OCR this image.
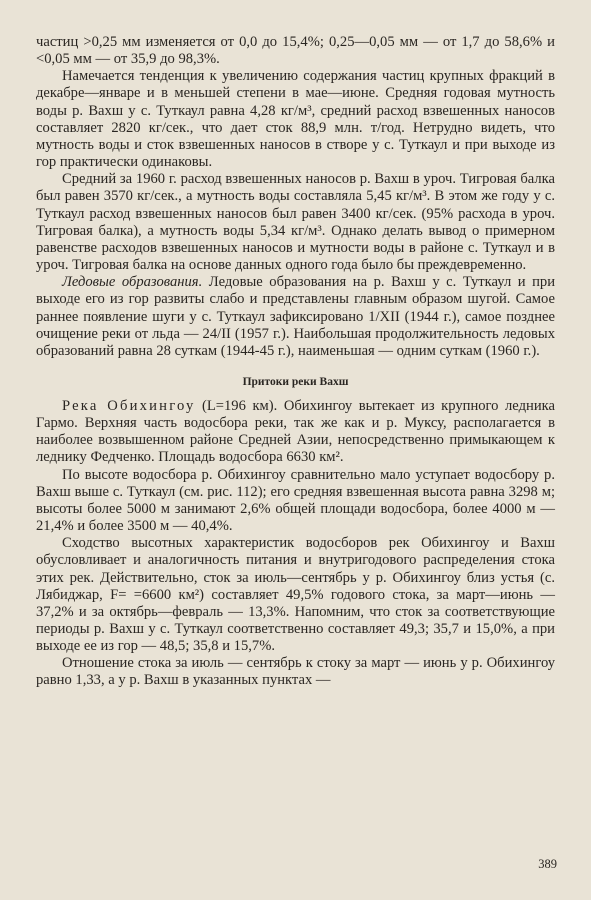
частиц >0,25 мм изменяется от 0,0 до 15,4%; 0,25—0,05 мм — от 1,7 до 58,6% и <0,05 мм — от 35,9 до 98,3%.

Намечается тенденция к увеличению содержания частиц крупных фракций в декабре—январе и в меньшей степени в мае—июне. Средняя годовая мутность воды р. Вахш у с. Туткаул равна 4,28 кг/м³, средний расход взвешенных наносов составляет 2820 кг/сек., что дает сток 88,9 млн. т/год. Нетрудно видеть, что мутность воды и сток взвешенных наносов в створе у с. Туткаул и при выходе из гор практически одинаковы.

Средний за 1960 г. расход взвешенных наносов р. Вахш в уроч. Тигровая балка был равен 3570 кг/сек., а мутность воды составляла 5,45 кг/м³. В этом же году у с. Туткаул расход взвешенных наносов был равен 3400 кг/сек. (95% расхода в уроч. Тигровая балка), а мутность воды 5,34 кг/м³. Однако делать вывод о примерном равенстве расходов взвешенных наносов и мутности воды в районе с. Туткаул и в уроч. Тигровая балка на основе данных одного года было бы преждевременно.

Ледовые образования. Ледовые образования на р. Вахш у с. Туткаул и при выходе его из гор развиты слабо и представлены главным образом шугой. Самое раннее появление шуги у с. Туткаул зафиксировано 1/XII (1944 г.), самое позднее очищение реки от льда — 24/II (1957 г.). Наибольшая продолжительность ледовых образований равна 28 суткам (1944-45 г.), наименьшая — одним суткам (1960 г.).

Притоки реки Вахш

Река Обихингоу (L=196 км). Обихингоу вытекает из крупного ледника Гармо. Верхняя часть водосбора реки, так же как и р. Муксу, располагается в наиболее возвышенном районе Средней Азии, непосредственно примыкающем к леднику Федченко. Площадь водосбора 6630 км².

По высоте водосбора р. Обихингоу сравнительно мало уступает водосбору р. Вахш выше с. Туткаул (см. рис. 112); его средняя взвешенная высота равна 3298 м; высоты более 5000 м занимают 2,6% общей площади водосбора, более 4000 м — 21,4% и более 3500 м — 40,4%.

Сходство высотных характеристик водосборов рек Обихингоу и Вахш обусловливает и аналогичность питания и внутригодового распределения стока этих рек. Действительно, сток за июль—сентябрь у р. Обихингоу близ устья (с. Лябиджар, F= =6600 км²) составляет 49,5% годового стока, за март—июнь — 37,2% и за октябрь—февраль — 13,3%. Напомним, что сток за соответствующие периоды р. Вахш у с. Туткаул соответственно составляет 49,3; 35,7 и 15,0%, а при выходе ее из гор — 48,5; 35,8 и 15,7%.

Отношение стока за июль — сентябрь к стоку за март — июнь у р. Обихингоу равно 1,33, а у р. Вахш в указанных пунктах —

389
